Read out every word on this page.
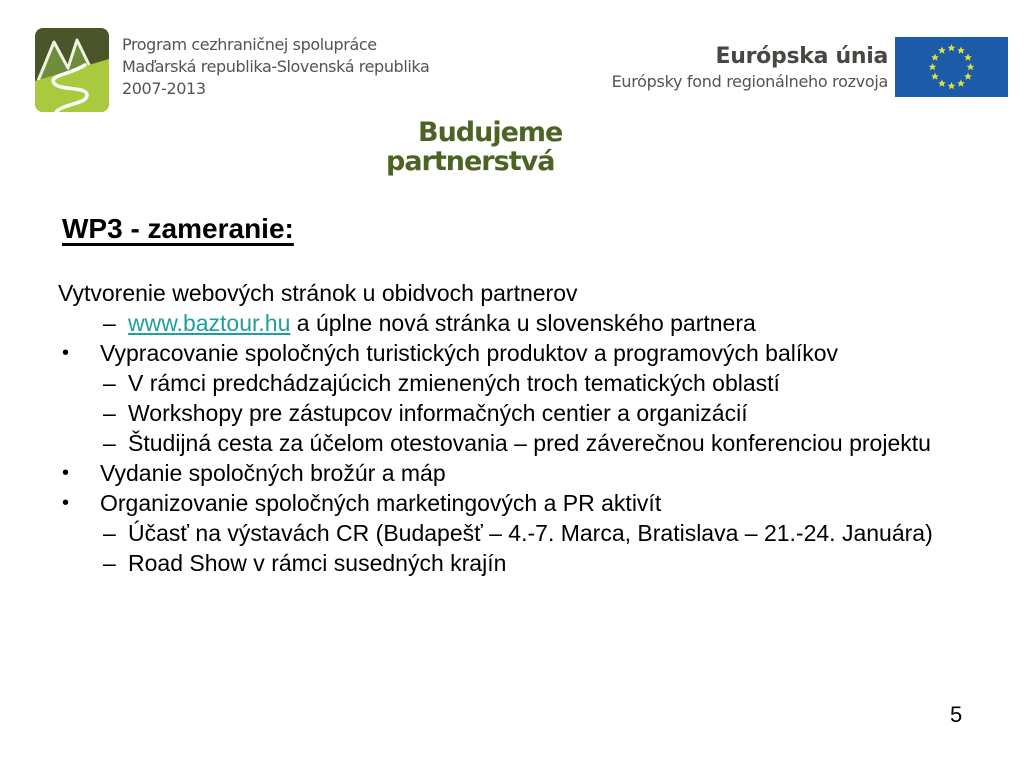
Program cezhraničnej spolupráce
Maďarská republika-Slovenská republika
2007-2013
Európska únia
Európsky fond regionálneho rozvoja
Budujeme
partnerstvá
WP3 - zameranie:
Vytvorenie webových stránok u obidvoch partnerov
– www.baztour.hu a úplne nová stránka u slovenského partnera
•	Vypracovanie spoločných turistických produktov a programových balíkov
– V rámci predchádzajúcich zmienených troch tematických oblastí
– Workshopy pre zástupcov informačných centier a organizácií
– Študijná cesta za účelom otestovania – pred záverečnou konferenciou projektu
•	Vydanie spoločných brožúr a máp
•	Organizovanie spoločných marketingových a PR aktivít
– Účasť na výstavách CR (Budapešť – 4.-7. Marca, Bratislava – 21.-24. Januára)
– Road Show v rámci susedných krajín
5
